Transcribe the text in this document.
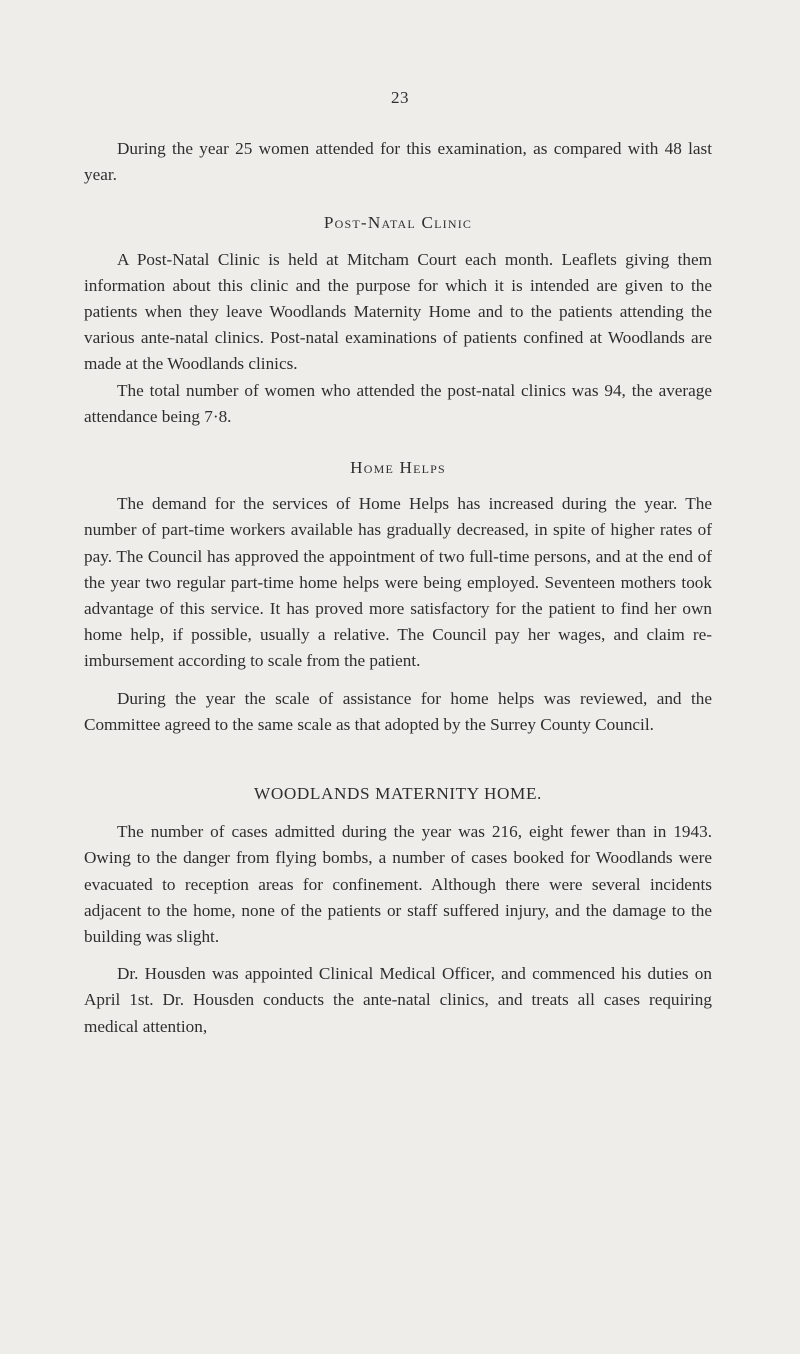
23

During the year 25 women attended for this examination, as compared with 48 last year.

Post-Natal Clinic

A Post-Natal Clinic is held at Mitcham Court each month. Leaflets giving them information about this clinic and the purpose for which it is intended are given to the patients when they leave Woodlands Maternity Home and to the patients attending the various ante-natal clinics. Post-natal examinations of patients confined at Woodlands are made at the Woodlands clinics.

The total number of women who attended the post-natal clinics was 94, the average attendance being 7·8.

Home Helps

The demand for the services of Home Helps has increased during the year. The number of part-time workers available has gradually decreased, in spite of higher rates of pay. The Council has approved the appointment of two full-time persons, and at the end of the year two regular part-time home helps were being employed. Seventeen mothers took advantage of this service. It has proved more satisfactory for the patient to find her own home help, if possible, usually a relative. The Council pay her wages, and claim re-imbursement according to scale from the patient.

During the year the scale of assistance for home helps was reviewed, and the Committee agreed to the same scale as that adopted by the Surrey County Council.

WOODLANDS MATERNITY HOME.

The number of cases admitted during the year was 216, eight fewer than in 1943. Owing to the danger from flying bombs, a number of cases booked for Woodlands were evacuated to reception areas for confinement. Although there were several incidents adjacent to the home, none of the patients or staff suffered injury, and the damage to the building was slight.

Dr. Housden was appointed Clinical Medical Officer, and commenced his duties on April 1st. Dr. Housden conducts the ante-natal clinics, and treats all cases requiring medical attention,
